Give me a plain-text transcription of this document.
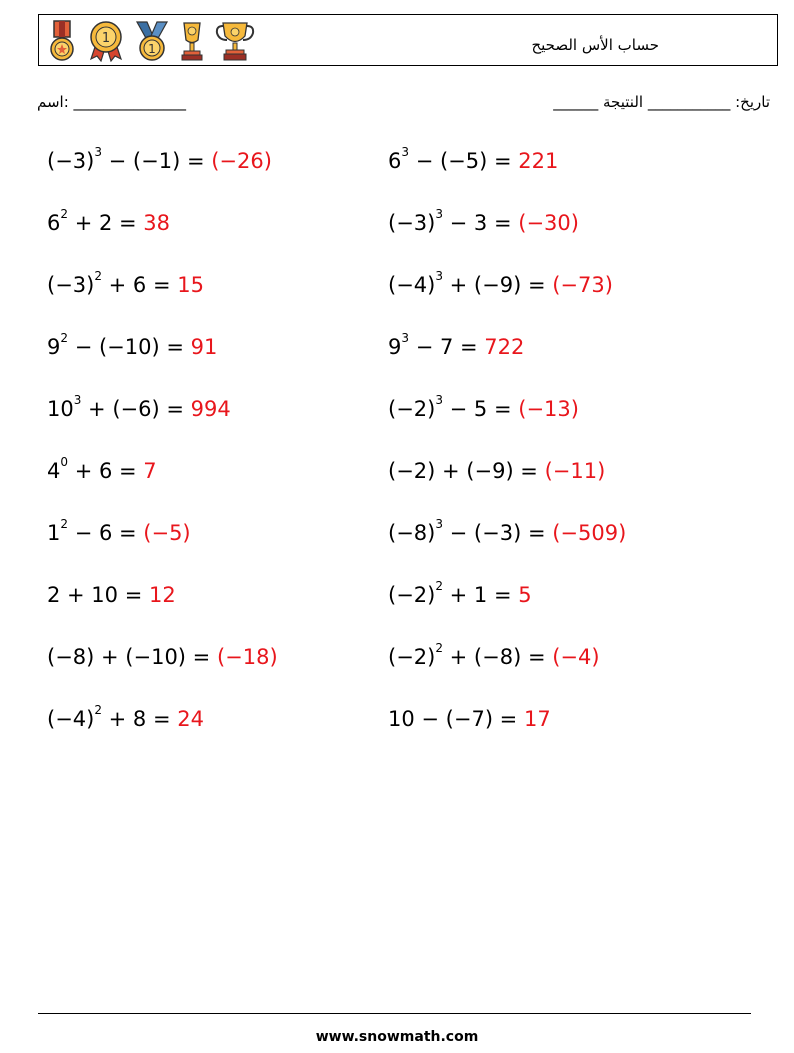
1
1	حساب الأس الصحيح
اسم: _______________	تاريخ: ___________ النتيجة ______
$(-3)^3 - (-1) = (-26)$
$6^2 + 2 = 38$
$(-3)^2 + 6 = 15$
$9^2 - (-10) = 91$
$10^3 + (-6) = 994$
$4^0 + 6 = 7$
$1^2 - 6 = (-5)$
2 + 10 = 12
(−8) + (−10) = (−18)
$(-4)^2 + 8 = 24$
$6^3 - (-5) = 221$
$(-3)^3 - 3 = (-30)$
$(-4)^3 + (-9) = (-73)$
$9^3 - 7 = 722$
$(-2)^3 - 5 = (-13)$
(−2) + (−9) = (−11)
$(-8)^3 - (-3) = (-509)$
$(-2)^2 + 1 = 5$
$(-2)^2 + (-8) = (-4)$
10 − (−7) = 17
www.snowmath.com
